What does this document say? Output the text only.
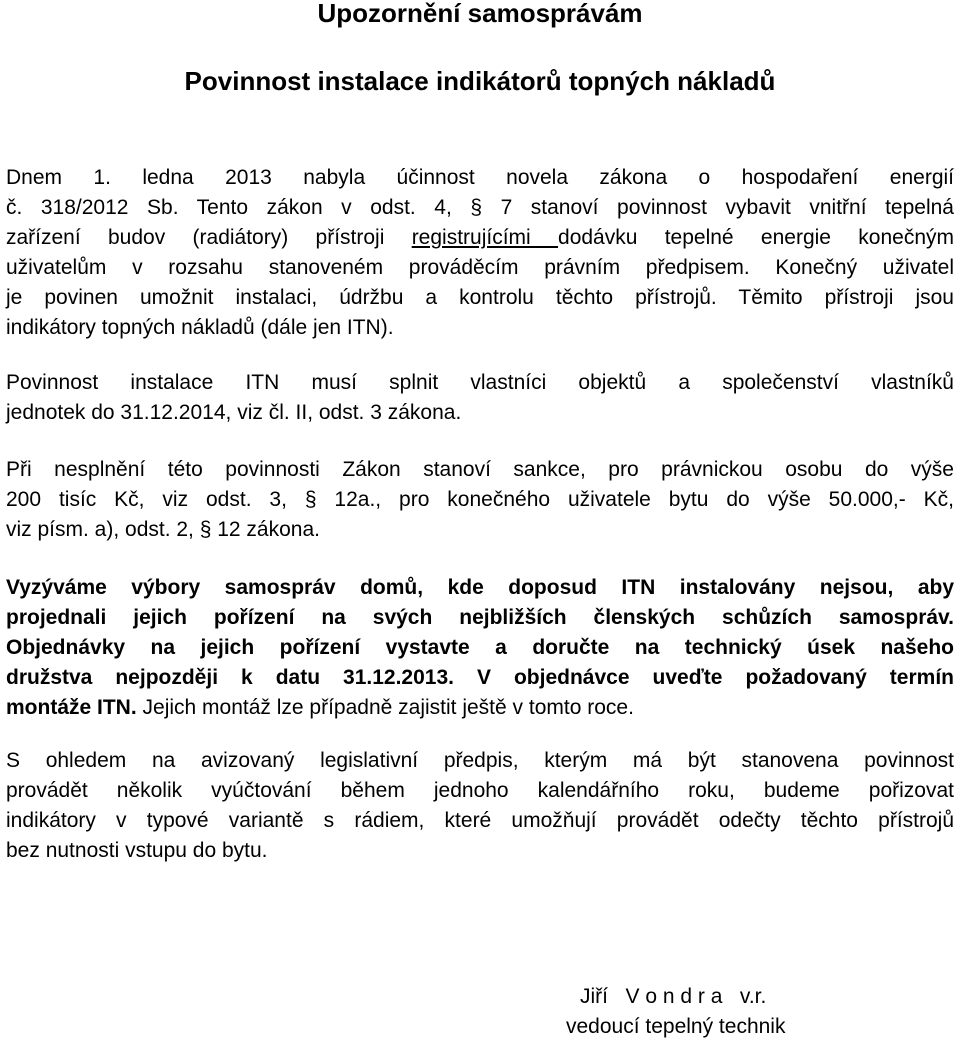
Upozornění samosprávám
Povinnost instalace indikátorů topných nákladů
Dnem 1. ledna 2013 nabyla účinnost novela zákona o hospodaření energií
č. 318/2012 Sb. Tento zákon v odst. 4, § 7 stanoví povinnost vybavit vnitřní tepelná
zařízení budov (radiátory) přístroji registrujícími dodávku tepelné energie konečným
uživatelům v rozsahu stanoveném prováděcím právním předpisem. Konečný uživatel
je povinen umožnit instalaci, údržbu a kontrolu těchto přístrojů. Těmito přístroji jsou
indikátory topných nákladů (dále jen ITN).
Povinnost instalace ITN musí splnit vlastníci objektů a společenství vlastníků
jednotek do 31.12.2014, viz čl. II, odst. 3 zákona.
Při nesplnění této povinnosti Zákon stanoví sankce, pro právnickou osobu do výše
200 tisíc Kč, viz odst. 3, § 12a., pro konečného uživatele bytu do výše 50.000,- Kč,
viz písm. a), odst. 2, § 12 zákona.
Vyzýváme výbory samospráv domů, kde doposud ITN instalovány nejsou, aby
projednali jejich pořízení na svých nejbližších členských schůzích samospráv.
Objednávky na jejich pořízení vystavte a doručte na technický úsek našeho
družstva nejpozději k datu 31.12.2013. V objednávce uveďte požadovaný termín
montáže ITN. Jejich montáž lze případně zajistit ještě v tomto roce.
S ohledem na avizovaný legislativní předpis, kterým má být stanovena povinnost
provádět několik vyúčtování během jednoho kalendářního roku, budeme pořizovat
indikátory v typové variantě s rádiem, které umožňují provádět odečty těchto přístrojů
bez nutnosti vstupu do bytu.
Jiří   V o n d r a   v.r.
vedoucí tepelný technik
